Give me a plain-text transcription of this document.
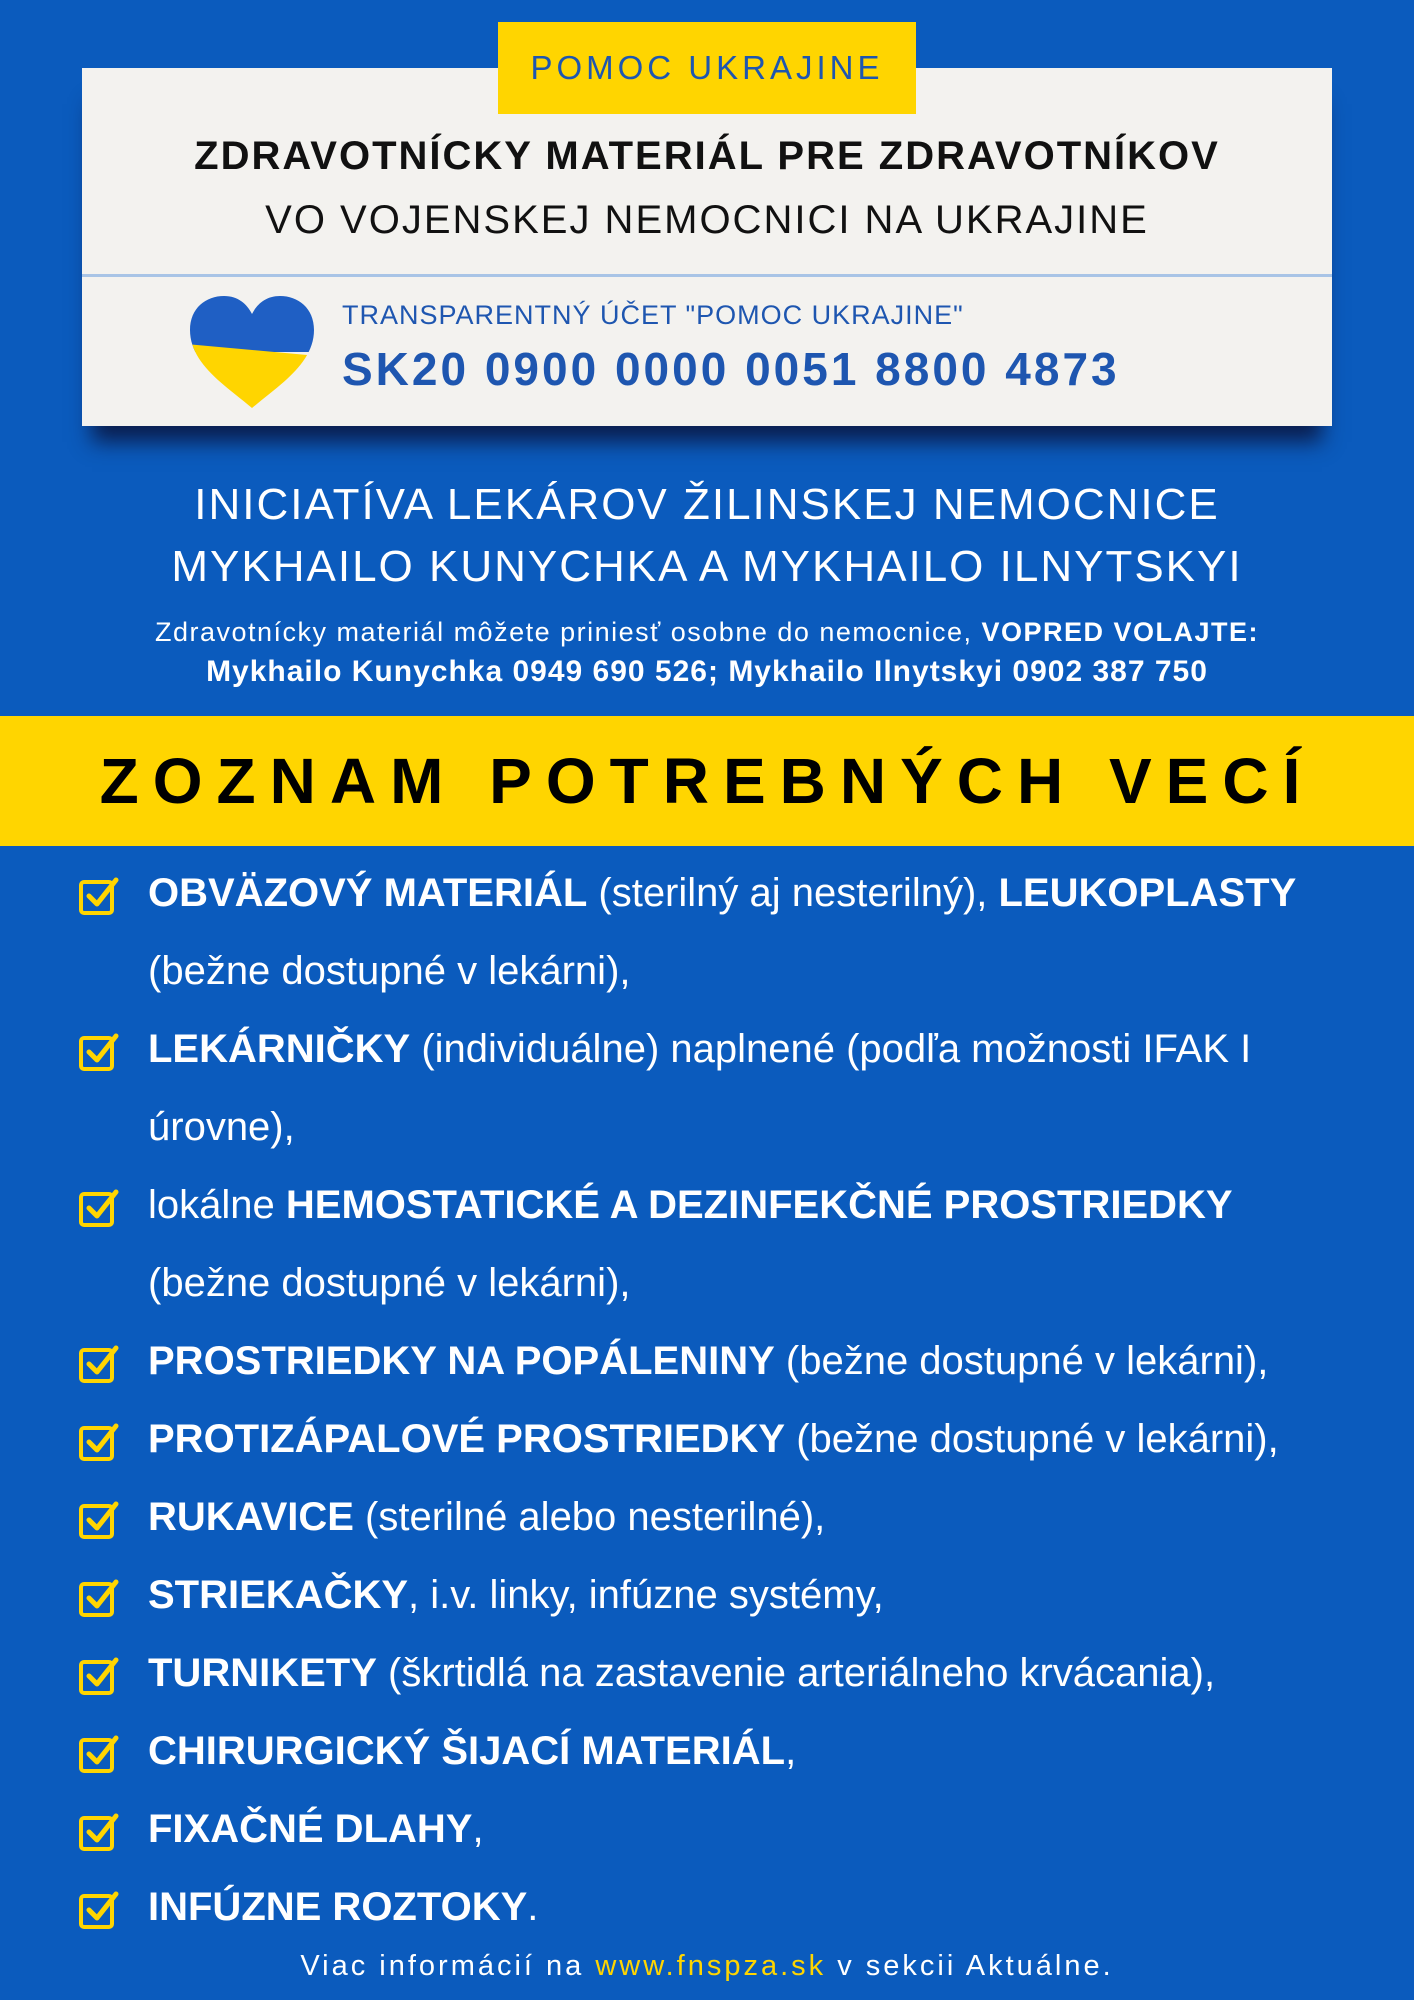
POMOC UKRAJINE
ZDRAVOTNÍCKY MATERIÁL PRE ZDRAVOTNÍKOV
VO VOJENSKEJ NEMOCNICI NA UKRAJINE
TRANSPARENTNÝ ÚČET "POMOC UKRAJINE"
SK20 0900 0000 0051 8800 4873
INICIATÍVA LEKÁROV ŽILINSKEJ NEMOCNICE
MYKHAILO KUNYCHKA A MYKHAILO ILNYTSKYI
Zdravotnícky materiál môžete priniesť osobne do nemocnice, VOPRED VOLAJTE:
Mykhailo Kunychka 0949 690 526; Mykhailo Ilnytskyi 0902 387 750
ZOZNAM POTREBNÝCH VECÍ
OBVÄZOVÝ MATERIÁL (sterilný aj nesterilný), LEUKOPLASTY (bežne dostupné v lekárni),
LEKÁRNIČKY (individuálne) naplnené (podľa možnosti IFAK I úrovne),
lokálne HEMOSTATICKÉ A DEZINFEKČNÉ PROSTRIEDKY (bežne dostupné v lekárni),
PROSTRIEDKY NA POPÁLENINY (bežne dostupné v lekárni),
PROTIZÁPALOVÉ PROSTRIEDKY (bežne dostupné v lekárni),
RUKAVICE (sterilné alebo nesterilné),
STRIEKAČKY, i.v. linky, infúzne systémy,
TURNIKETY (škrtidlá na zastavenie arteriálneho krvácania),
CHIRURGICKÝ ŠIJACÍ MATERIÁL,
FIXAČNÉ DLAHY,
INFÚZNE ROZTOKY.
Viac informácií na www.fnspza.sk v sekcii Aktuálne.
